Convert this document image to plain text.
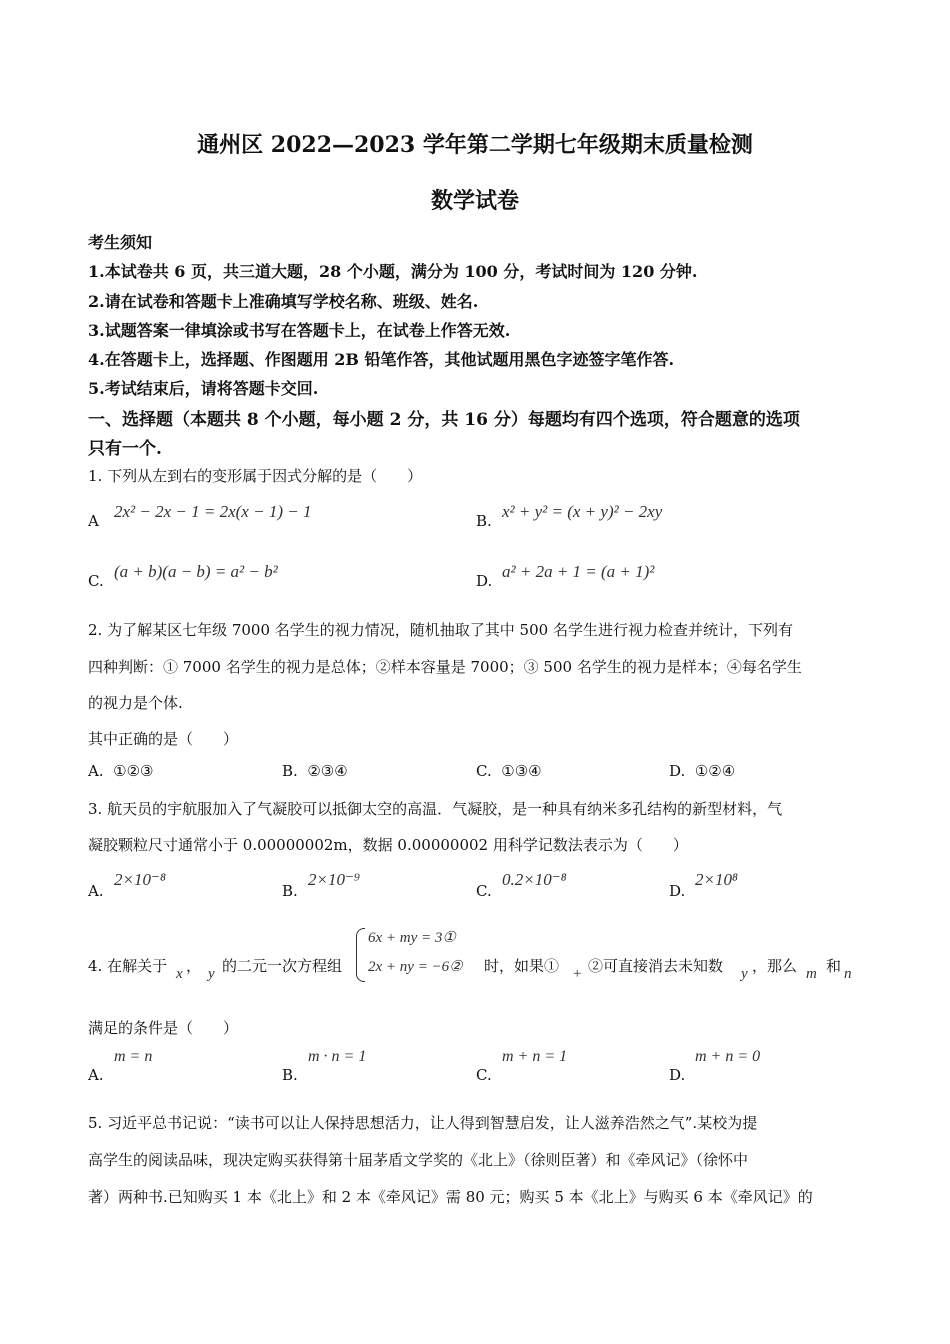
通州区 2022—2023 学年第二学期七年级期末质量检测
数学试卷
考生须知
1.本试卷共 6 页，共三道大题，28 个小题，满分为 100 分，考试时间为 120 分钟.
2.请在试卷和答题卡上准确填写学校名称、班级、姓名.
3.试题答案一律填涂或书写在答题卡上，在试卷上作答无效.
4.在答题卡上，选择题、作图题用 2B 铅笔作答，其他试题用黑色字迹签字笔作答.
5.考试结束后，请将答题卡交回.
一、选择题（本题共 8 个小题，每小题 2 分，共 16 分）每题均有四个选项，符合题意的选项
只有一个.
1. 下列从左到右的变形属于因式分解的是（　　）
A 2x² − 2x − 1 = 2x(x − 1) − 1	B. x² + y² = (x + y)² − 2xy
C. (a + b)(a − b) = a² − b²	D. a² + 2a + 1 = (a + 1)²
2. 为了解某区七年级 7000 名学生的视力情况，随机抽取了其中 500 名学生进行视力检查并统计，下列有
四种判断：① 7000 名学生的视力是总体；②样本容量是 7000；③ 500 名学生的视力是样本；④每名学生
的视力是个体.
其中正确的是（　　）
A. ①②③	B. ②③④	C. ①③④	D. ①②④
3. 航天员的宇航服加入了气凝胶可以抵御太空的高温．气凝胶，是一种具有纳米多孔结构的新型材料，气
凝胶颗粒尺寸通常小于 0.00000002m，数据 0.00000002 用科学记数法表示为（　　）
A.
2×10⁻⁸
B.
2×10⁻⁹
C.
0.2×10⁻⁸
D.
2×10⁸
4. 在解关于 x ， y 的二元一次方程组
6x + my = 3①
2x + ny = −6② 时，如果① + ②可直接消去未知数 y ，那么 m 和 n
满足的条件是（　　）
A.
m = n
B.
m · n = 1
C.
m + n = 1
D.
m + n = 0
5. 习近平总书记说：“读书可以让人保持思想活力，让人得到智慧启发，让人滋养浩然之气”.某校为提
高学生的阅读品味，现决定购买获得第十届茅盾文学奖的《北上》（徐则臣著）和《牵风记》（徐怀中
著）两种书.已知购买 1 本《北上》和 2 本《牵风记》需 80 元；购买 5 本《北上》与购买 6 本《牵风记》的
